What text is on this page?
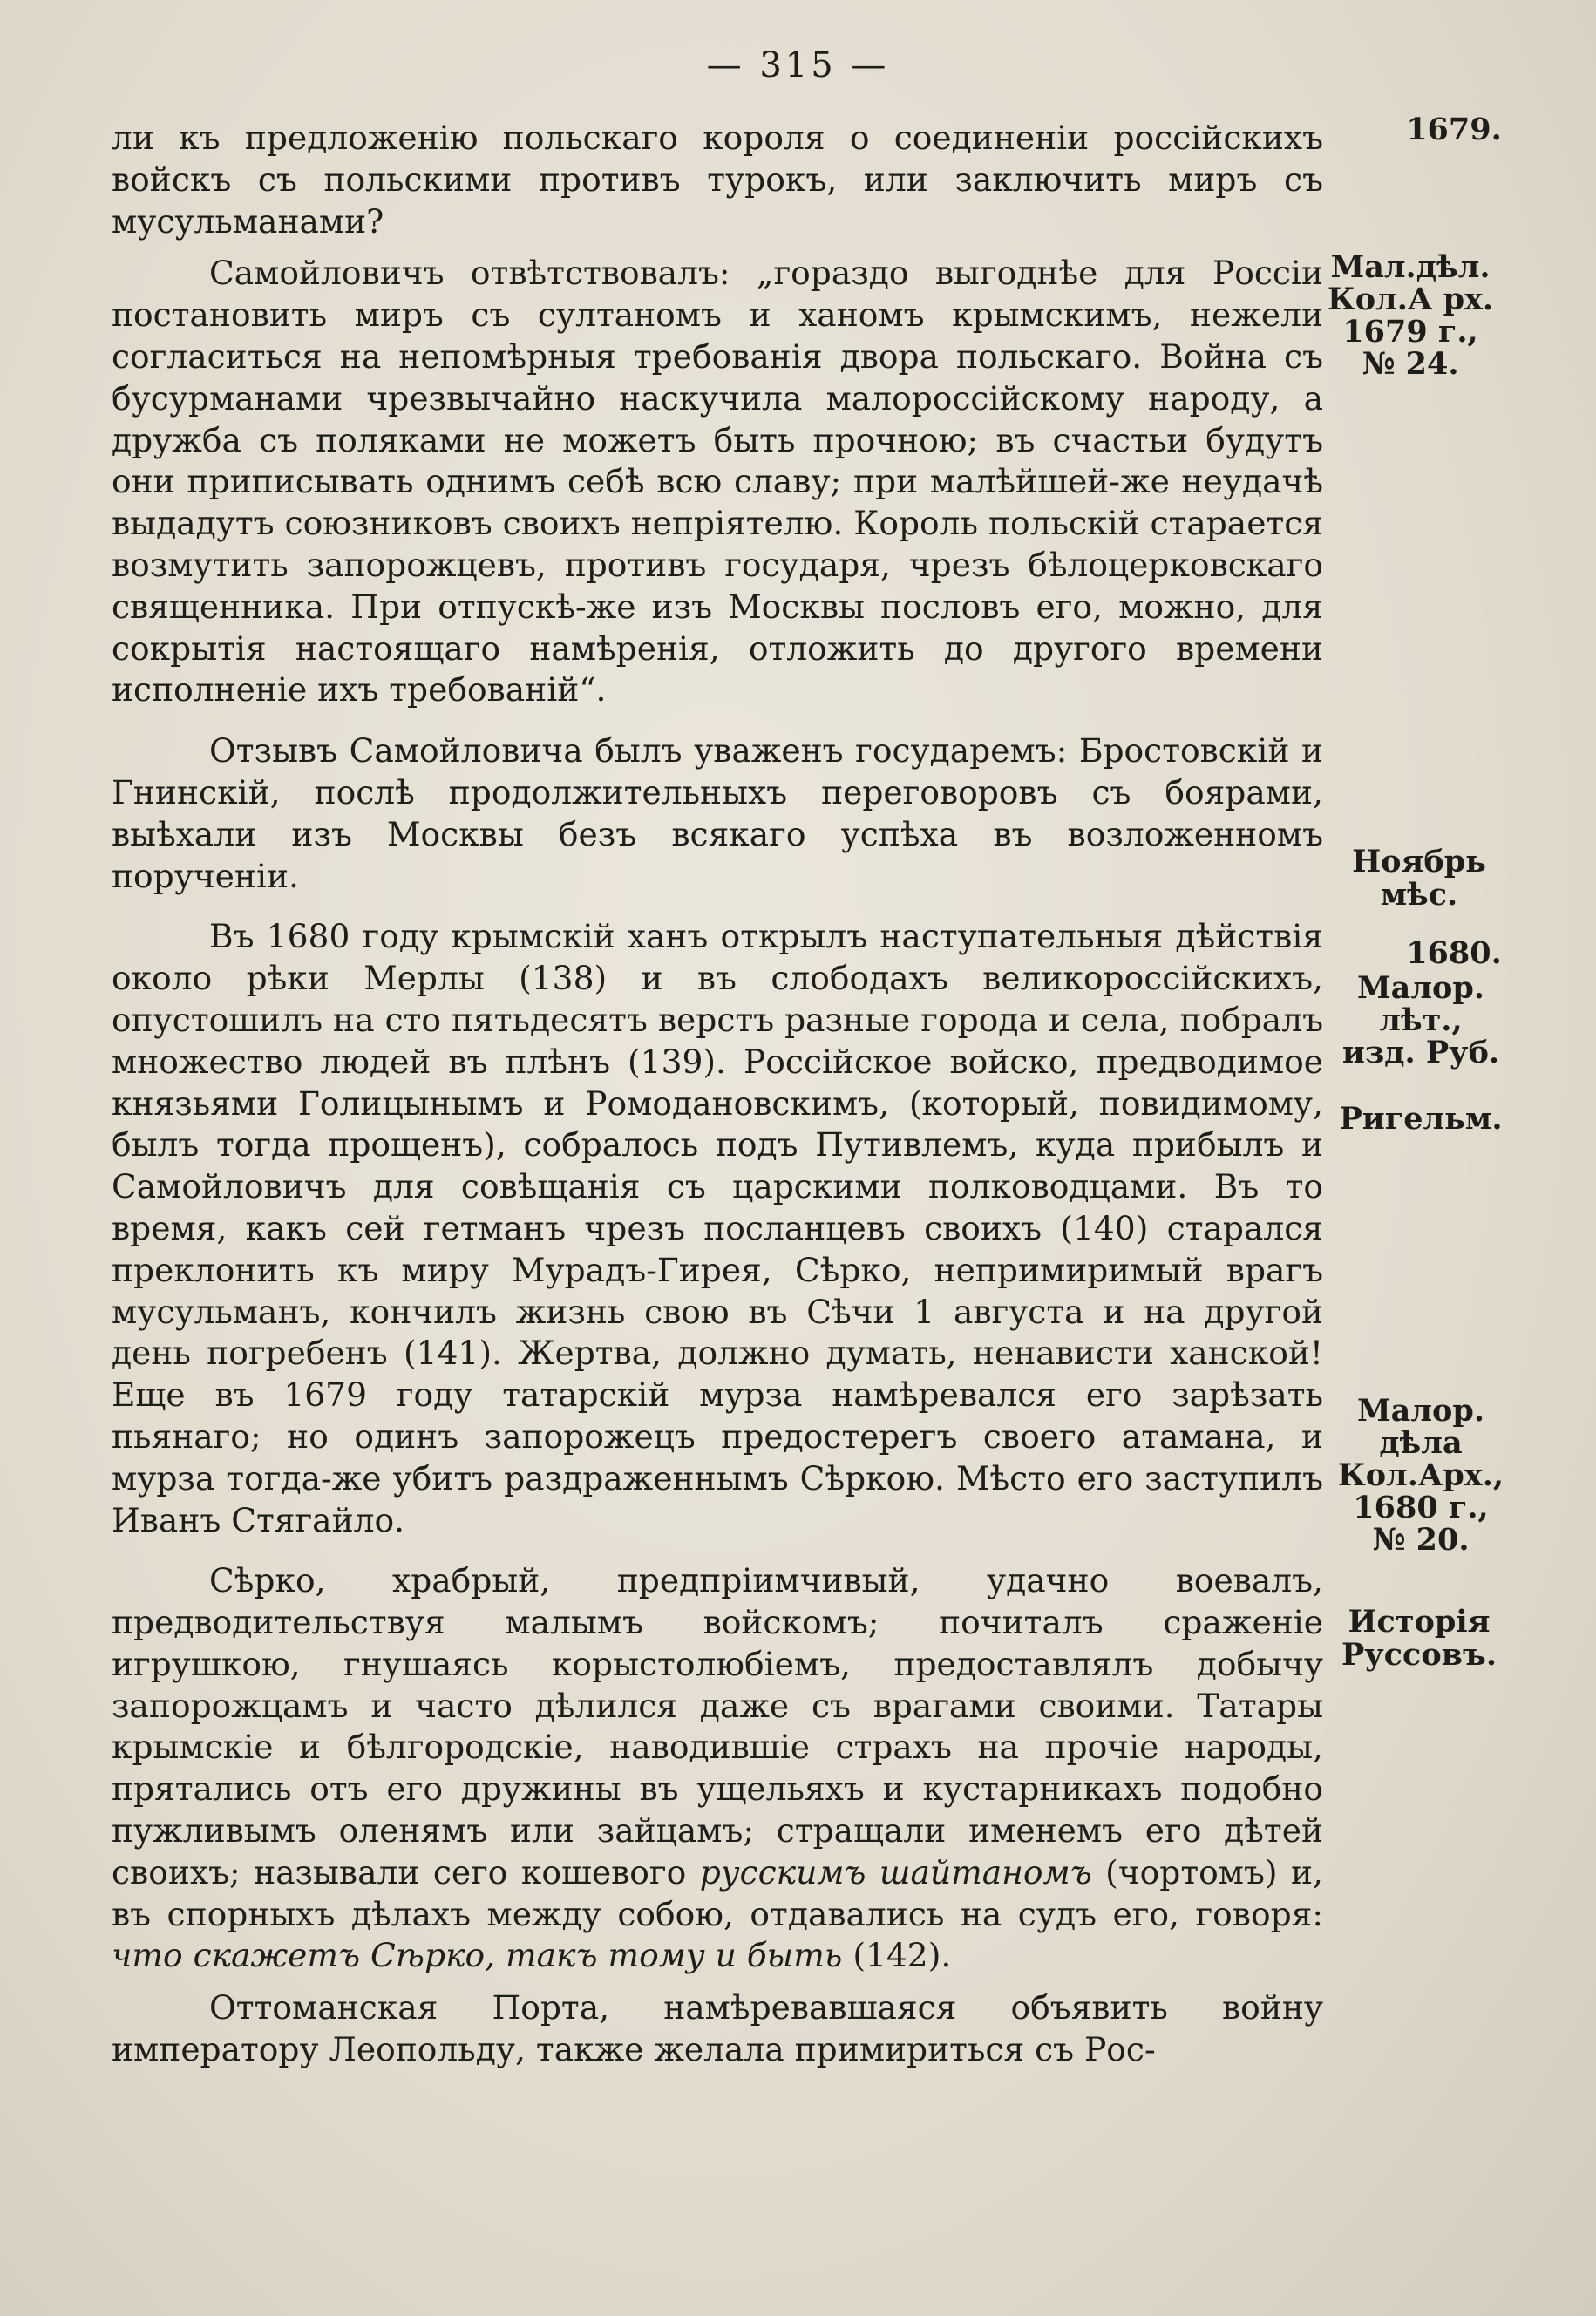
— 315 —

ли къ предложенію польскаго короля о соединеніи россійскихъ войскъ съ польскими противъ турокъ, или заключить миръ съ мусульманами?

Самойловичъ отвѣтствовалъ: „гораздо выгоднѣе для Россіи постановить миръ съ султаномъ и ханомъ крымскимъ, нежели согласиться на непомѣрныя требованія двора польскаго. Война съ бусурманами чрезвычайно наскучила малороссійскому народу, а дружба съ поляками не можетъ быть прочною; въ счастьи будутъ они приписывать однимъ себѣ всю славу; при малѣйшей-же неудачѣ выдадутъ союзниковъ своихъ непріятелю. Король польскій старается возмутить запорожцевъ, противъ государя, чрезъ бѣлоцерковскаго священника. При отпускѣ-же изъ Москвы пословъ его, можно, для сокрытія настоящаго намѣренія, отложить до другого времени исполненіе ихъ требованій“.

Отзывъ Самойловича былъ уваженъ государемъ: Бростовскій и Гнинскій, послѣ продолжительныхъ переговоровъ съ боярами, выѣхали изъ Москвы безъ всякаго успѣха въ возложенномъ порученіи.

Въ 1680 году крымскій ханъ открылъ наступательныя дѣйствія около рѣки Мерлы (138) и въ слободахъ великороссійскихъ, опустошилъ на сто пятьдесятъ верстъ разные города и села, побралъ множество людей въ плѣнъ (139). Россійское войско, предводимое князьями Голицынымъ и Ромодановскимъ, (который, повидимому, былъ тогда прощенъ), собралось подъ Путивлемъ, куда прибылъ и Самойловичъ для совѣщанія съ царскими полководцами. Въ то время, какъ сей гетманъ чрезъ посланцевъ своихъ (140) старался преклонить къ миру Мурадъ-Гирея, Сѣрко, непримиримый врагъ мусульманъ, кончилъ жизнь свою въ Сѣчи 1 августа и на другой день погребенъ (141). Жертва, должно думать, ненависти ханской! Еще въ 1679 году татарскій мурза намѣревался его зарѣзать пьянаго; но одинъ запорожецъ предостерегъ своего атамана, и мурза тогда-же убитъ раздраженнымъ Сѣркою. Мѣсто его заступилъ Иванъ Стягайло.

Сѣрко, храбрый, предпріимчивый, удачно воевалъ, предводительствуя малымъ войскомъ; почиталъ сраженіе игрушкою, гнушаясь корыстолюбіемъ, предоставлялъ добычу запорожцамъ и часто дѣлился даже съ врагами своими. Татары крымскіе и бѣлгородскіе, наводившіе страхъ на прочіе народы, прятались отъ его дружины въ ущельяхъ и кустарникахъ подобно пужливымъ оленямъ или зайцамъ; стращали именемъ его дѣтей своихъ; называли сего кошевого русскимъ шайтаномъ (чортомъ) и, въ спорныхъ дѣлахъ между собою, отдавались на судъ его, говоря: что скажетъ Сѣрко, такъ тому и быть (142).

Оттоманская Порта, намѣревавшаяся объявить войну императору Леопольду, также желала примириться съ Рос-

1679.
Мал.дѣл.
Кол.А рх.
1679 г.,
№ 24.
Ноябрь
мѣс.
1680.
Малор.
лѣт.,
изд. Руб.
Ригельм.
Малор.
дѣла
Кол.Арх.,
1680 г.,
№ 20.
Исторія
Руссовъ.
